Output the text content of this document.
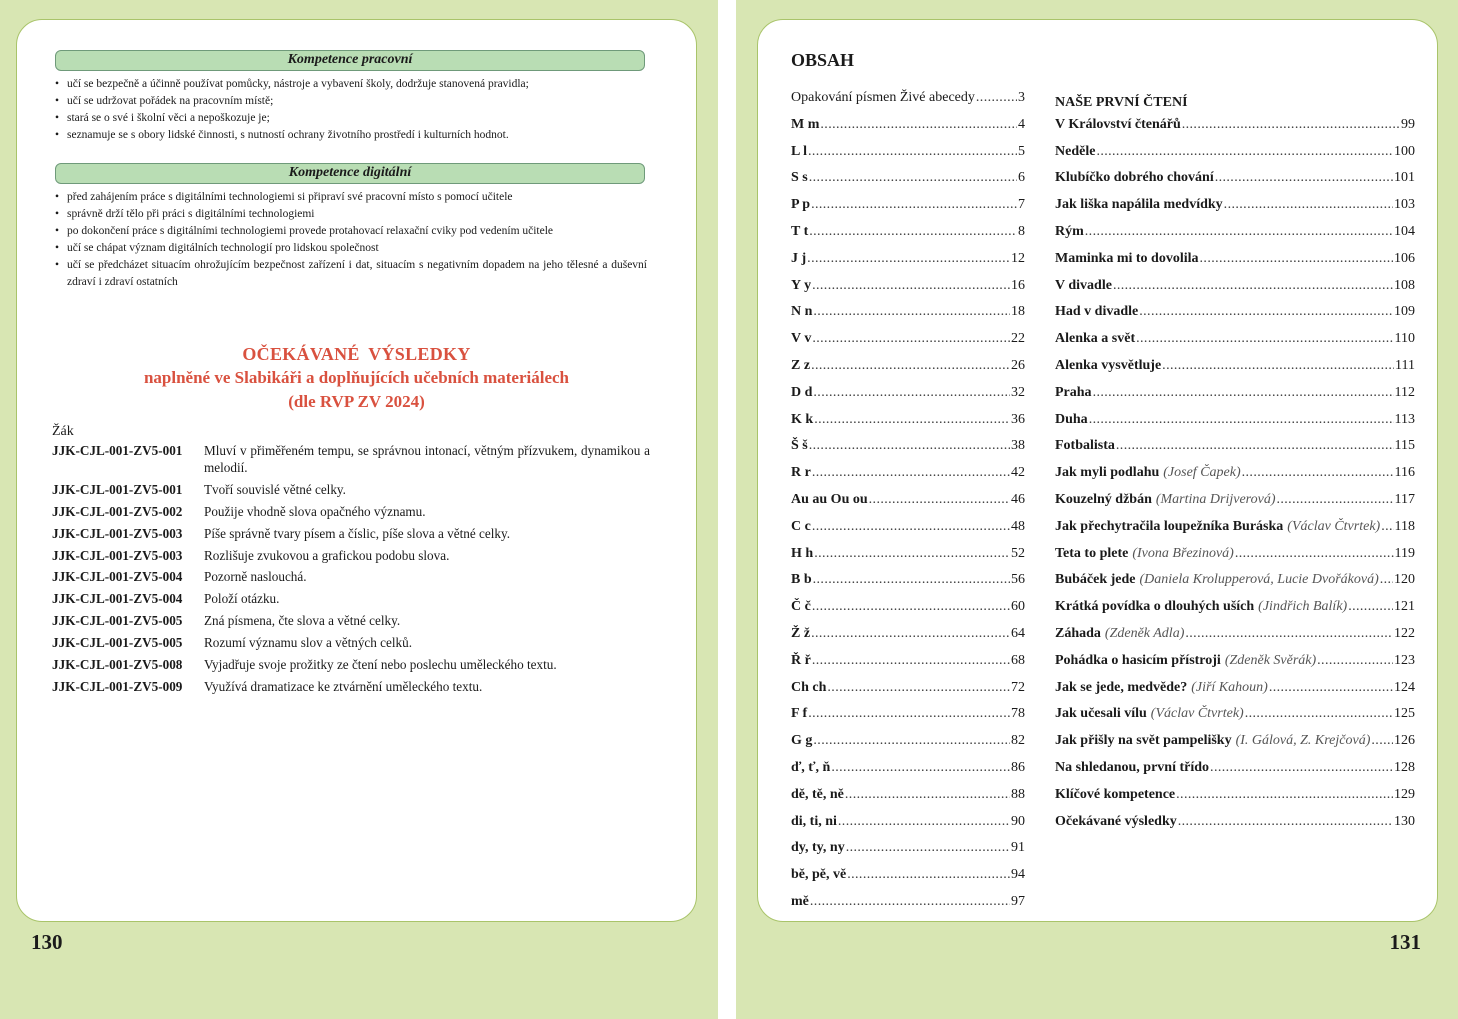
Kompetence pracovní
• učí se bezpečně a účinně používat pomůcky, nástroje a vybavení školy, dodržuje stanovená pravidla;
• učí se udržovat pořádek na pracovním místě;
• stará se o své i školní věci a nepoškozuje je;
• seznamuje se s obory lidské činnosti, s nutností ochrany životního prostředí i kulturních hodnot.
Kompetence digitální
• před zahájením práce s digitálními technologiemi si připraví své pracovní místo s pomocí učitele
• správně drží tělo při práci s digitálními technologiemi
• po dokončení práce s digitálními technologiemi provede protahovací relaxační cviky pod vedením učitele
• učí se chápat význam digitálních technologií pro lidskou společnost
• učí se předcházet situacím ohrožujícím bezpečnost zařízení i dat, situacím s negativním dopadem na jeho tělesné a duševní zdraví i zdraví ostatních
OČEKÁVANÉ VÝSLEDKY
naplněné ve Slabikáři a doplňujících učebních materiálech
(dle RVP ZV 2024)
Žák
JJK-CJL-001-ZV5-001	Mluví v přiměřeném tempu, se správnou intonací, větným přízvukem, dynamikou a melodií.
JJK-CJL-001-ZV5-001	Tvoří souvislé větné celky.
JJK-CJL-001-ZV5-002	Použije vhodně slova opačného významu.
JJK-CJL-001-ZV5-003	Píše správně tvary písem a číslic, píše slova a větné celky.
JJK-CJL-001-ZV5-003	Rozlišuje zvukovou a grafickou podobu slova.
JJK-CJL-001-ZV5-004	Pozorně naslouchá.
JJK-CJL-001-ZV5-004	Položí otázku.
JJK-CJL-001-ZV5-005	Zná písmena, čte slova a větné celky.
JJK-CJL-001-ZV5-005	Rozumí významu slov a větných celků.
JJK-CJL-001-ZV5-008	Vyjadřuje svoje prožitky ze čtení nebo poslechu uměleckého textu.
JJK-CJL-001-ZV5-009	Využívá dramatizace ke ztvárnění uměleckého textu.
130
OBSAH
Opakování písmen Živé abecedy .....	3
M m .....	4
L l .....	5
S s .....	6
P p .....	7
T t .....	8
J j .....	12
Y y .....	16
N n .....	18
V v .....	22
Z z .....	26
D d .....	32
K k .....	36
Š š .....	38
R r .....	42
Au au Ou ou .....	46
C c .....	48
H h .....	52
B b .....	56
Č č .....	60
Ž ž .....	64
Ř ř .....	68
Ch ch .....	72
F f .....	78
G g .....	82
ď, ť, ň .....	86
dě, tě, ně .....	88
di, ti, ni .....	90
dy, ty, ny .....	91
bě, pě, vě .....	94
mě .....	97
NAŠE PRVNÍ ČTENÍ
V Království čtenářů .....	99
Neděle .....	100
Klubíčko dobrého chování .....	101
Jak liška napálila medvídky .....	103
Rým .....	104
Maminka mi to dovolila .....	106
V divadle .....	108
Had v divadle .....	109
Alenka a svět .....	110
Alenka vysvětluje .....	111
Praha .....	112
Duha .....	113
Fotbalista .....	115
Jak myli podlahu (Josef Čapek) .....	116
Kouzelný džbán (Martina Drijverová) .....	117
Jak přechytračila loupežníka Buráska (Václav Čtvrtek) ..... 118
Teta to plete (Ivona Březinová) .....	119
Bubáček jede (Daniela Krolupperová, Lucie Dvořáková) ..... 120
Krátká povídka o dlouhých uších (Jindřich Balík) .....	121
Záhada (Zdeněk Adla) .....	122
Pohádka o hasicím přístroji (Zdeněk Svěrák) .....	123
Jak se jede, medvěde? (Jiří Kahoun) .....	124
Jak učesali vílu (Václav Čtvrtek) .....	125
Jak přišly na svět pampelišky (I. Gálová, Z. Krejčová) ..... 126
Na shledanou, první třído .....	128
Klíčové kompetence .....	129
Očekávané výsledky .....	130
131
